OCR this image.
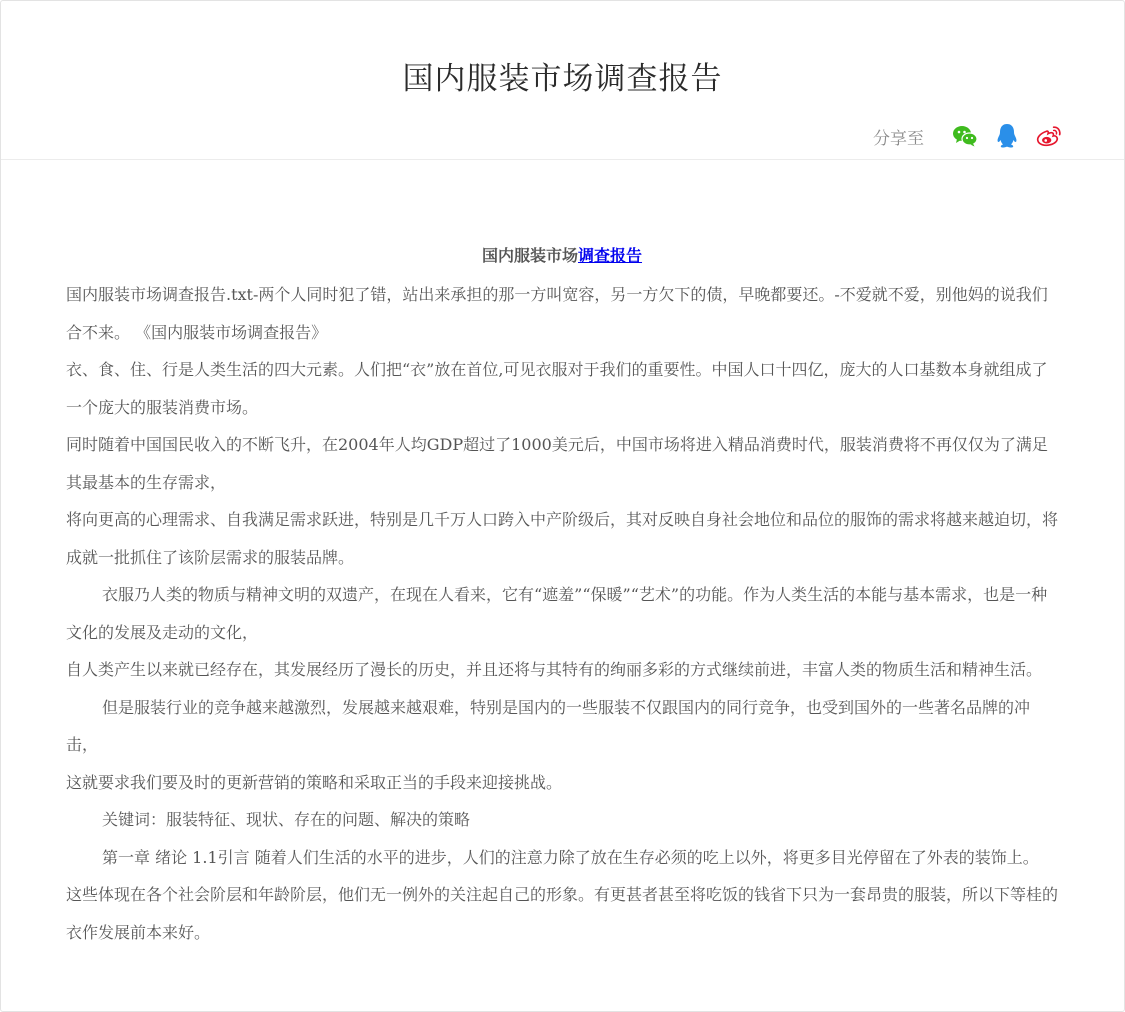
国内服装市场调查报告
分享至

国内服装市场调查报告

国内服装市场调查报告.txt-两个人同时犯了错，站出来承担的那一方叫宽容，另一方欠下的债，早晚都要还。-不爱就不爱，别他妈的说我们合不来。 《国内服装市场调查报告》

衣、食、住、行是人类生活的四大元素。人们把“衣”放在首位,可见衣服对于我们的重要性。中国人口十四亿，庞大的人口基数本身就组成了一个庞大的服装消费市场。

同时随着中国国民收入的不断飞升，在2004年人均GDP超过了1000美元后，中国市场将进入精品消费时代，服装消费将不再仅仅为了满足其最基本的生存需求，

将向更高的心理需求、自我满足需求跃进，特别是几千万人口跨入中产阶级后，其对反映自身社会地位和品位的服饰的需求将越来越迫切，将成就一批抓住了该阶层需求的服装品牌。

衣服乃人类的物质与精神文明的双遗产，在现在人看来，它有“遮羞”“保暖”“艺术”的功能。作为人类生活的本能与基本需求，也是一种文化的发展及走动的文化，

自人类产生以来就已经存在，其发展经历了漫长的历史，并且还将与其特有的绚丽多彩的方式继续前进，丰富人类的物质生活和精神生活。

但是服装行业的竞争越来越激烈，发展越来越艰难，特别是国内的一些服装不仅跟国内的同行竞争，也受到国外的一些著名品牌的冲击，

这就要求我们要及时的更新营销的策略和采取正当的手段来迎接挑战。

关键词：服装特征、现状、存在的问题、解决的策略

第一章 绪论 1.1引言 随着人们生活的水平的进步，人们的注意力除了放在生存必须的吃上以外，将更多目光停留在了外表的装饰上。

这些体现在各个社会阶层和年龄阶层，他们无一例外的关注起自己的形象。有更甚者甚至将吃饭的钱省下只为一套昂贵的服装，所以下等桂的衣作发展前本来好。
